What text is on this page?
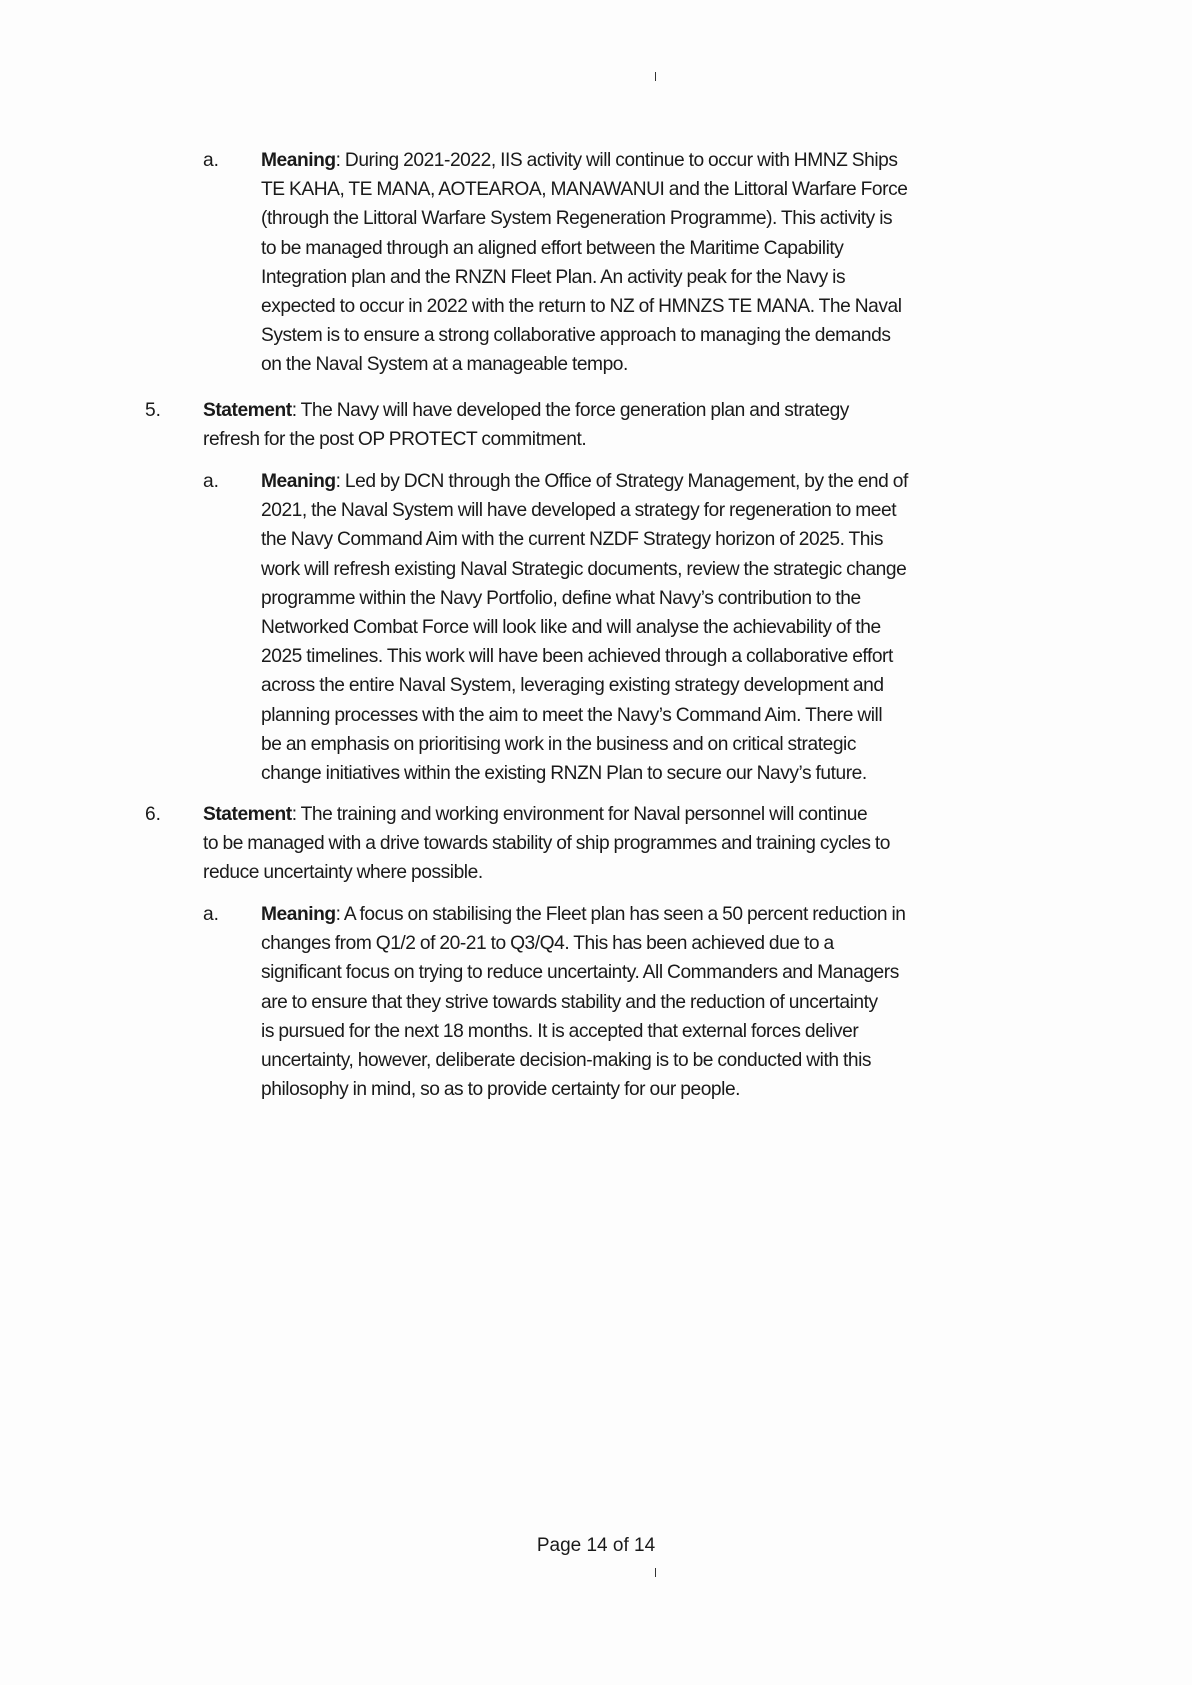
a. Meaning: During 2021-2022, IIS activity will continue to occur with HMNZ Ships
TE KAHA, TE MANA, AOTEAROA, MANAWANUI and the Littoral Warfare Force
(through the Littoral Warfare System Regeneration Programme). This activity is
to be managed through an aligned effort between the Maritime Capability
Integration plan and the RNZN Fleet Plan. An activity peak for the Navy is
expected to occur in 2022 with the return to NZ of HMNZS TE MANA. The Naval
System is to ensure a strong collaborative approach to managing the demands
on the Naval System at a manageable tempo.
5. Statement: The Navy will have developed the force generation plan and strategy
refresh for the post OP PROTECT commitment.
a. Meaning: Led by DCN through the Office of Strategy Management, by the end of
2021, the Naval System will have developed a strategy for regeneration to meet
the Navy Command Aim with the current NZDF Strategy horizon of 2025. This
work will refresh existing Naval Strategic documents, review the strategic change
programme within the Navy Portfolio, define what Navy’s contribution to the
Networked Combat Force will look like and will analyse the achievability of the
2025 timelines. This work will have been achieved through a collaborative effort
across the entire Naval System, leveraging existing strategy development and
planning processes with the aim to meet the Navy’s Command Aim. There will
be an emphasis on prioritising work in the business and on critical strategic
change initiatives within the existing RNZN Plan to secure our Navy’s future.
6. Statement: The training and working environment for Naval personnel will continue
to be managed with a drive towards stability of ship programmes and training cycles to
reduce uncertainty where possible.
a. Meaning: A focus on stabilising the Fleet plan has seen a 50 percent reduction in
changes from Q1/2 of 20-21 to Q3/Q4. This has been achieved due to a
significant focus on trying to reduce uncertainty. All Commanders and Managers
are to ensure that they strive towards stability and the reduction of uncertainty
is pursued for the next 18 months. It is accepted that external forces deliver
uncertainty, however, deliberate decision-making is to be conducted with this
philosophy in mind, so as to provide certainty for our people.
Page 14 of 14
